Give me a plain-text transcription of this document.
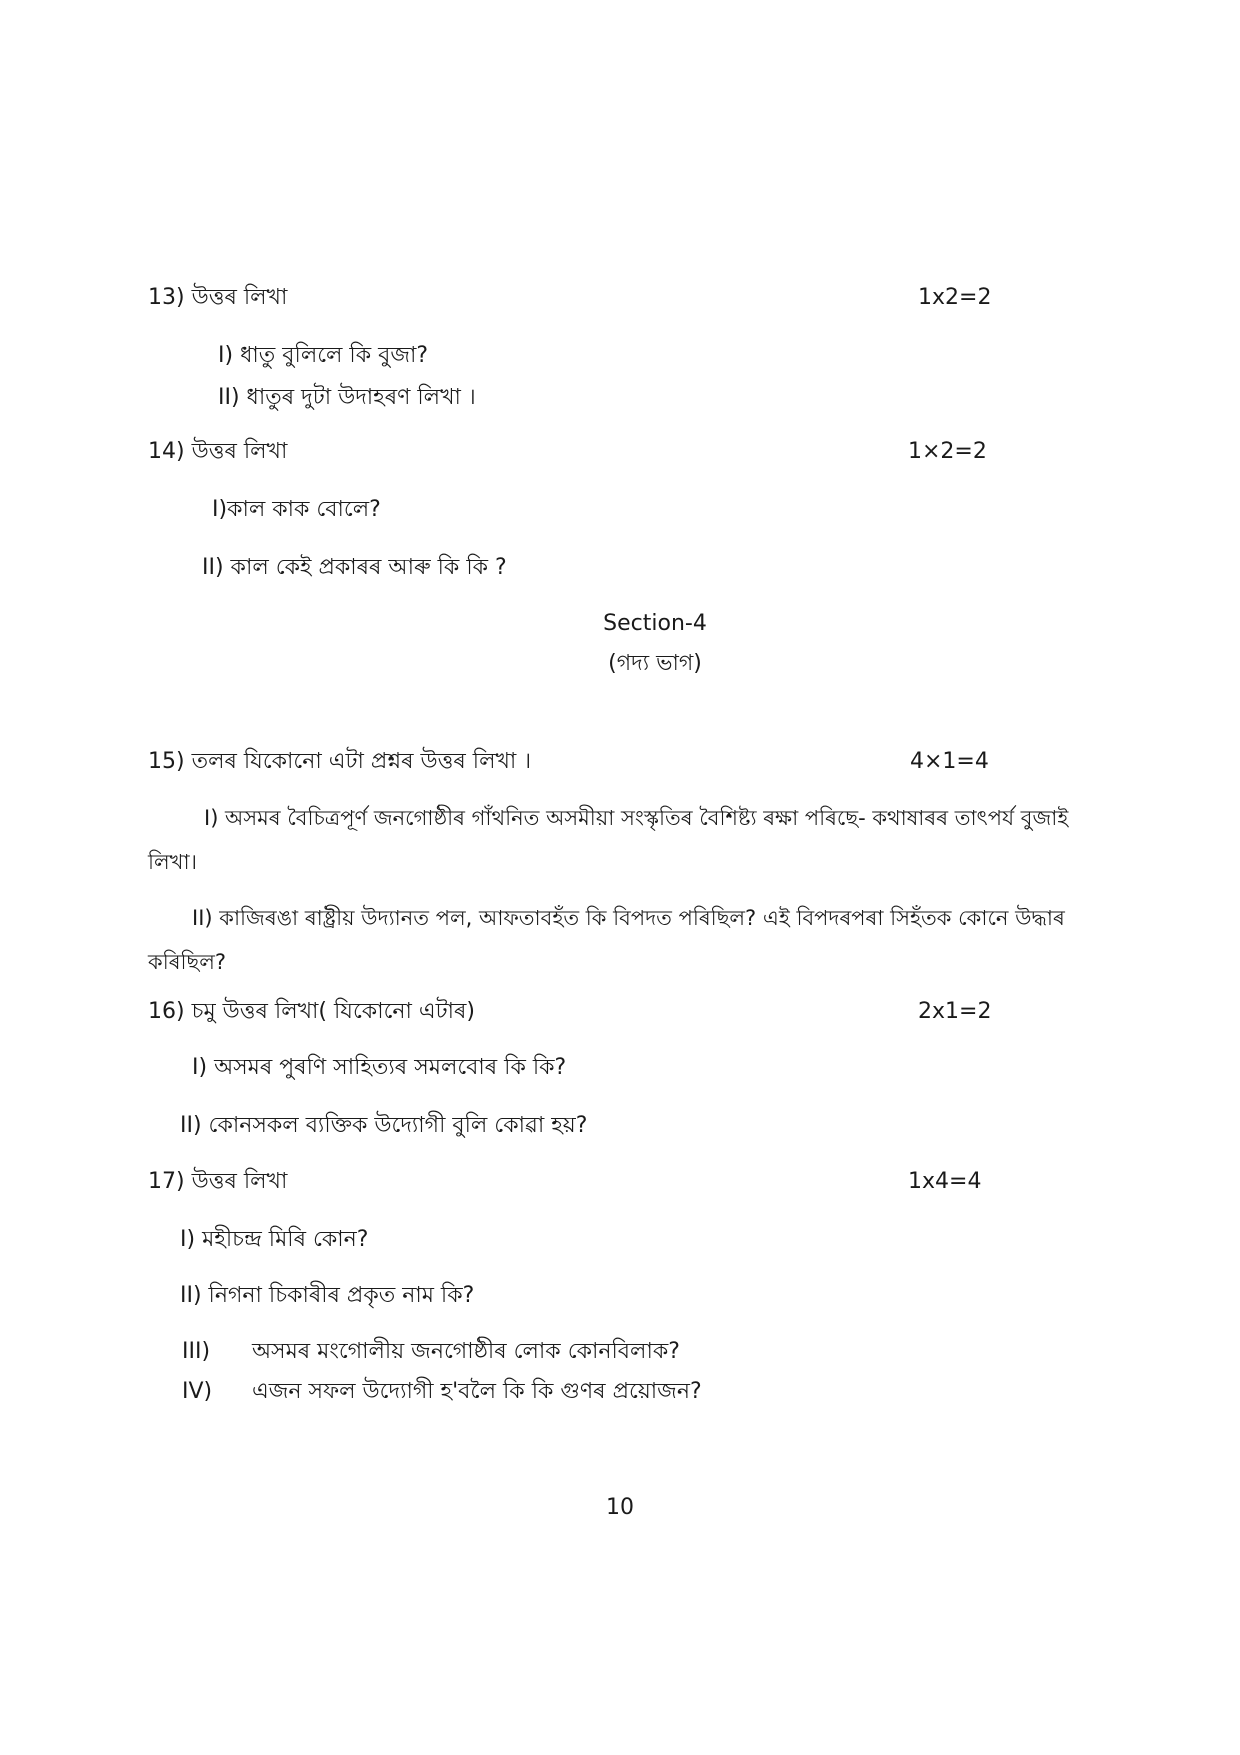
13) উত্তৰ লিখা	1x2=2
I) ধাতু বুলিলে কি বুজা?
II) ধাতুৰ দুটা উদাহৰণ লিখা ।
14) উত্তৰ লিখা	1×2=2
I)কাল কাক বোলে?
II) কাল কেই প্ৰকাৰৰ আৰু কি কি ?
Section-4
(গদ্য ভাগ)
15) তলৰ যিকোনো এটা প্ৰশ্নৰ উত্তৰ লিখা ।	4×1=4
I) অসমৰ বৈচিত্ৰপূৰ্ণ জনগোষ্ঠীৰ গাঁথনিত অসমীয়া সংস্কৃতিৰ বৈশিষ্ট্য ৰক্ষা পৰিছে- কথাষাৰৰ তাৎপৰ্য বুজাই লিখা।
II) কাজিৰঙা ৰাষ্ট্ৰীয় উদ্যানত পল, আফতাবহঁত কি বিপদত পৰিছিল? এই বিপদৰপৰা সিহঁতক কোনে উদ্ধাৰ কৰিছিল?
16) চমু উত্তৰ লিখা( যিকোনো এটাৰ)	2x1=2
I) অসমৰ পুৰণি সাহিত্যৰ সমলবোৰ কি কি?
II) কোনসকল ব্যক্তিক উদ্যোগী বুলি কোৱা হয়?
17) উত্তৰ লিখা	1x4=4
I) মহীচন্দ্ৰ মিৰি কোন?
II) নিগনা চিকাৰীৰ প্ৰকৃত নাম কি?
III) অসমৰ মংগোলীয় জনগোষ্ঠীৰ লোক কোনবিলাক?
IV) এজন সফল উদ্যোগী হ'বলৈ কি কি গুণৰ প্ৰয়োজন?
10
